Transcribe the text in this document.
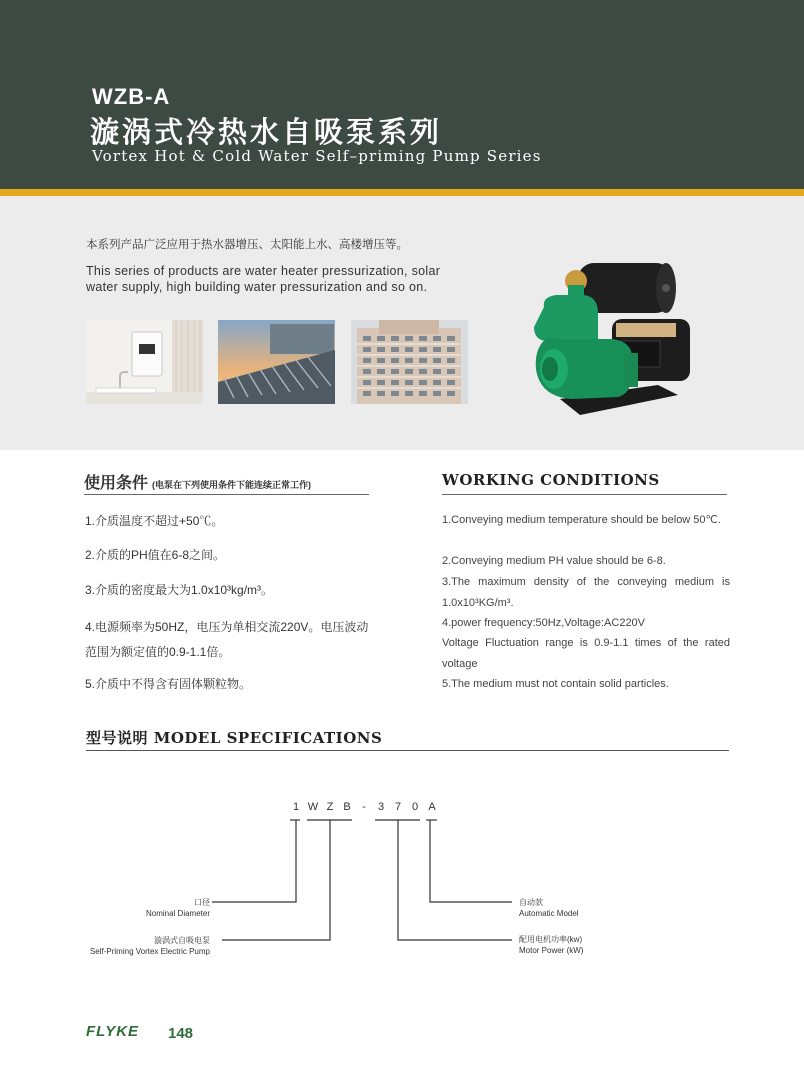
WZB-A
漩涡式冷热水自吸泵系列
Vortex Hot & Cold Water Self–priming Pump Series
本系列产品广泛应用于热水器增压、太阳能上水、高楼增压等。
This series of products are water heater pressurization, solar water supply, high building water pressurization and so on.
使用条件 (电泵在下列使用条件下能连续正常工作)
1.介质温度不超过+50℃。
2.介质的PH值在6-8之间。
3.介质的密度最大为1.0x10³kg/m³。
4.电源频率为50HZ，电压为单相交流220V。电压波动范围为额定值的0.9-1.1倍。
5.介质中不得含有固体颗粒物。
WORKING CONDITIONS
1.Conveying medium temperature should be below 50℃.
2.Conveying medium PH value should be 6-8.
3.The maximum density of the conveying medium is 1.0x10³KG/m³.
4.power frequency:50Hz,Voltage:AC220V
Voltage Fluctuation range is 0.9-1.1 times of the rated voltage
5.The medium must not contain solid particles.
型号说明 MODEL SPECIFICATIONS
1 W Z B	-	3 7 0 A
口径
Nominal Diameter
漩涡式自吸电泵
Self-Priming Vortex Electric Pump
自动款
Automatic Model
配用电机功率(kw)
Motor Power (kW)
FLYKE 148
